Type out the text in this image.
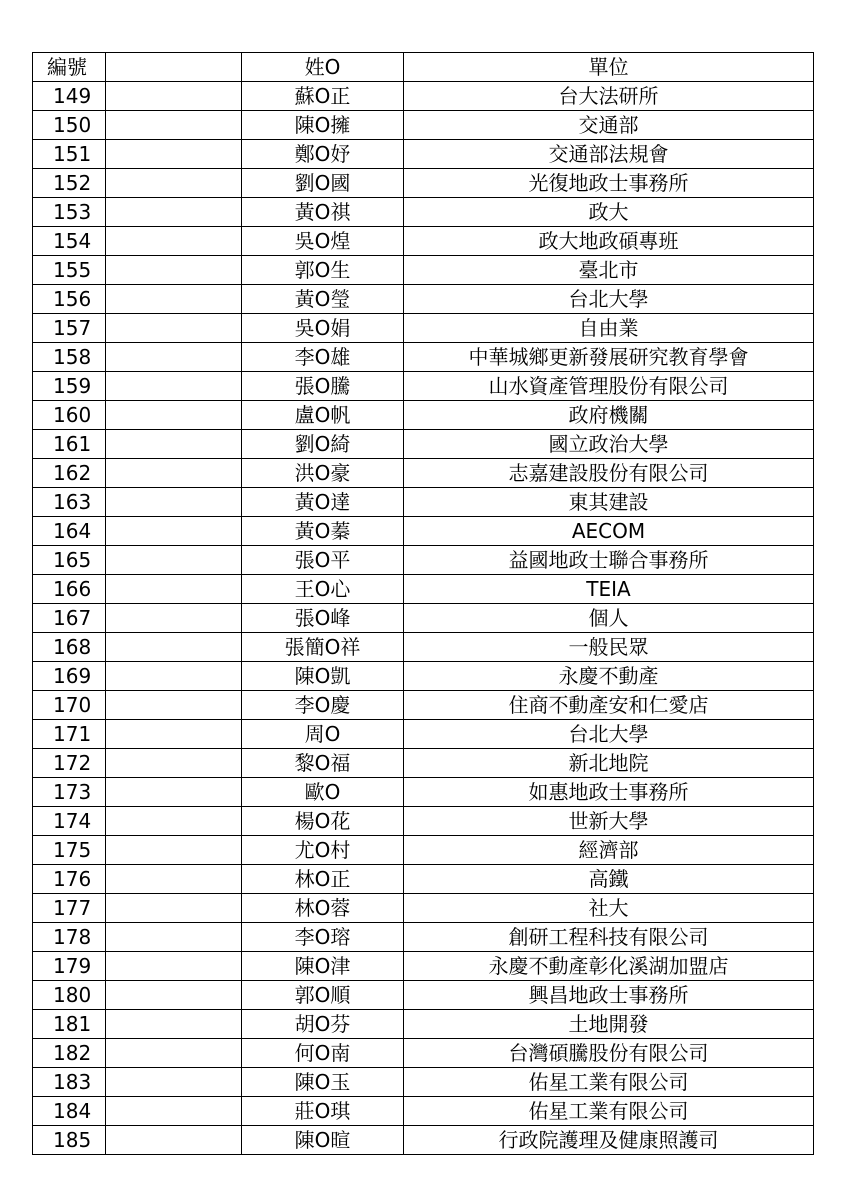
編號		姓O	單位
149		蘇O正	台大法研所
150		陳O擁	交通部
151		鄭O妤	交通部法規會
152		劉O國	光復地政士事務所
153		黃O祺	政大
154		吳O煌	政大地政碩專班
155		郭O生	臺北市
156		黃O瑩	台北大學
157		吳O娟	自由業
158		李O雄	中華城鄉更新發展研究教育學會
159		張O騰	山水資產管理股份有限公司
160		盧O帆	政府機關
161		劉O綺	國立政治大學
162		洪O豪	志嘉建設股份有限公司
163		黃O達	東其建設
164		黃O蓁	AECOM
165		張O平	益國地政士聯合事務所
166		王O心	TEIA
167		張O峰	個人
168		張簡O祥	一般民眾
169		陳O凱	永慶不動產
170		李O慶	住商不動產安和仁愛店
171		周O	台北大學
172		黎O福	新北地院
173		歐O	如惠地政士事務所
174		楊O花	世新大學
175		尤O村	經濟部
176		林O正	高鐵
177		林O蓉	社大
178		李O瑢	創研工程科技有限公司
179		陳O津	永慶不動產彰化溪湖加盟店
180		郭O順	興昌地政士事務所
181		胡O芬	土地開發
182		何O南	台灣碩騰股份有限公司
183		陳O玉	佑星工業有限公司
184		莊O琪	佑星工業有限公司
185		陳O暄	行政院護理及健康照護司
